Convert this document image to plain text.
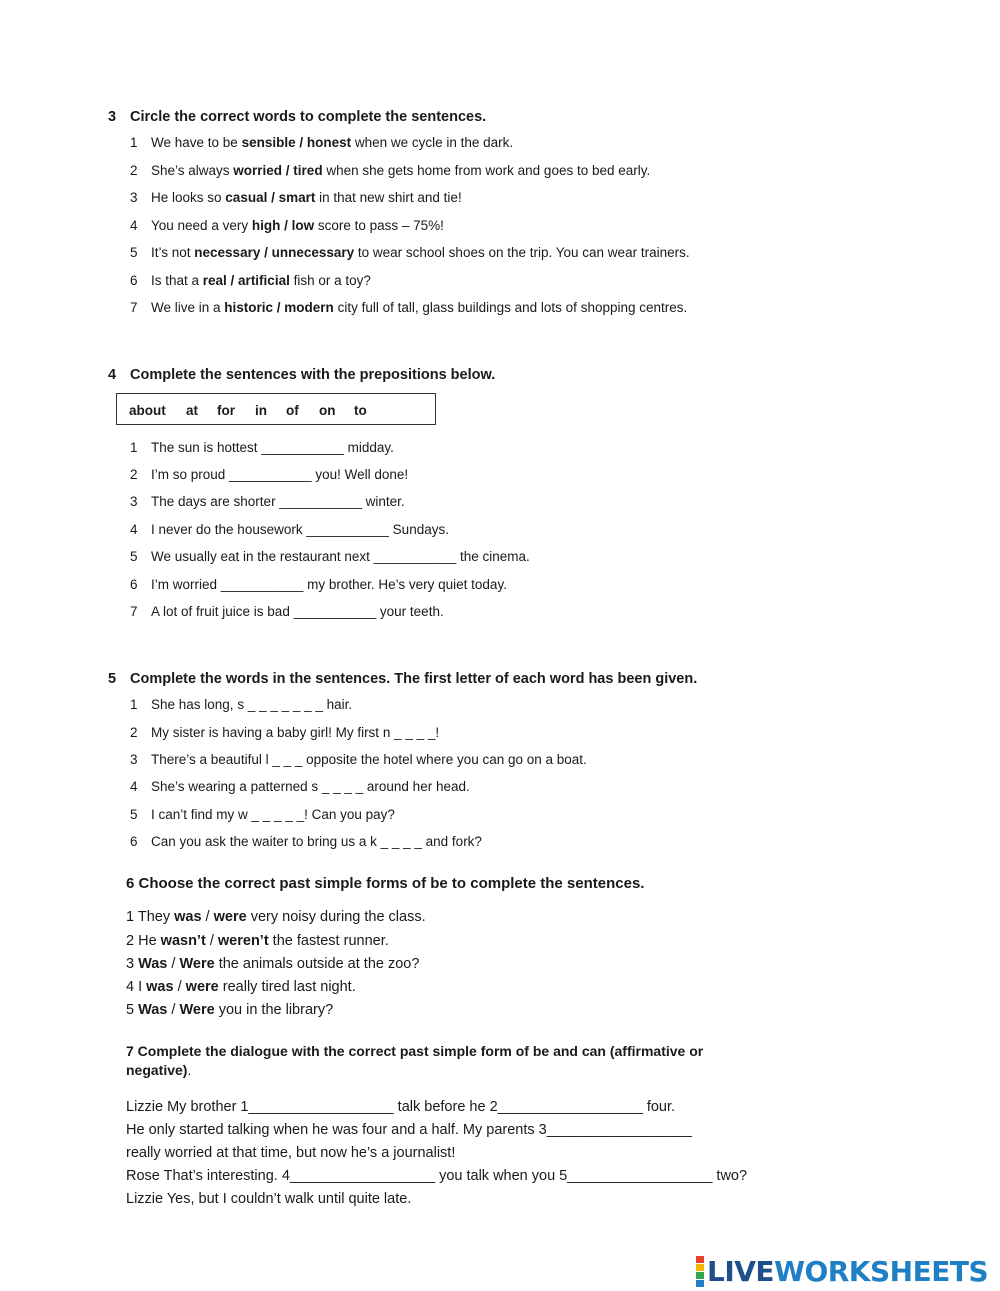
3 Circle the correct words to complete the sentences.
1 We have to be sensible / honest when we cycle in the dark.
2 She’s always worried / tired when she gets home from work and goes to bed early.
3 He looks so casual / smart in that new shirt and tie!
4 You need a very high / low score to pass – 75%!
5 It’s not necessary / unnecessary to wear school shoes on the trip. You can wear trainers.
6 Is that a real / artificial fish or a toy?
7 We live in a historic / modern city full of tall, glass buildings and lots of shopping centres.
4 Complete the sentences with the prepositions below.
about at for in of on to
1 The sun is hottest ___________ midday.
2 I’m so proud ___________ you! Well done!
3 The days are shorter ___________ winter.
4 I never do the housework ___________ Sundays.
5 We usually eat in the restaurant next ___________ the cinema.
6 I’m worried ___________ my brother. He’s very quiet today.
7 A lot of fruit juice is bad ___________ your teeth.
5 Complete the words in the sentences. The first letter of each word has been given.
1 She has long, s _ _ _ _ _ _ _ hair.
2 My sister is having a baby girl! My first n _ _ _ _!
3 There’s a beautiful l _ _ _ opposite the hotel where you can go on a boat.
4 She’s wearing a patterned s _ _ _ _ around her head.
5 I can’t find my w _ _ _ _ _! Can you pay?
6 Can you ask the waiter to bring us a k _ _ _ _ and fork?
6 Choose the correct past simple forms of be to complete the sentences.
1 They was / were very noisy during the class.
2 He wasn’t / weren’t the fastest runner.
3 Was / Were the animals outside at the zoo?
4 I was / were really tired last night.
5 Was / Were you in the library?
7 Complete the dialogue with the correct past simple form of be and can (affirmative or
negative).
Lizzie My brother 1__________________ talk before he 2__________________ four.
He only started talking when he was four and a half. My parents 3__________________
really worried at that time, but now he’s a journalist!
Rose That’s interesting. 4__________________ you talk when you 5__________________ two?
Lizzie Yes, but I couldn’t walk until quite late.
LIVEWORKSHEETS
